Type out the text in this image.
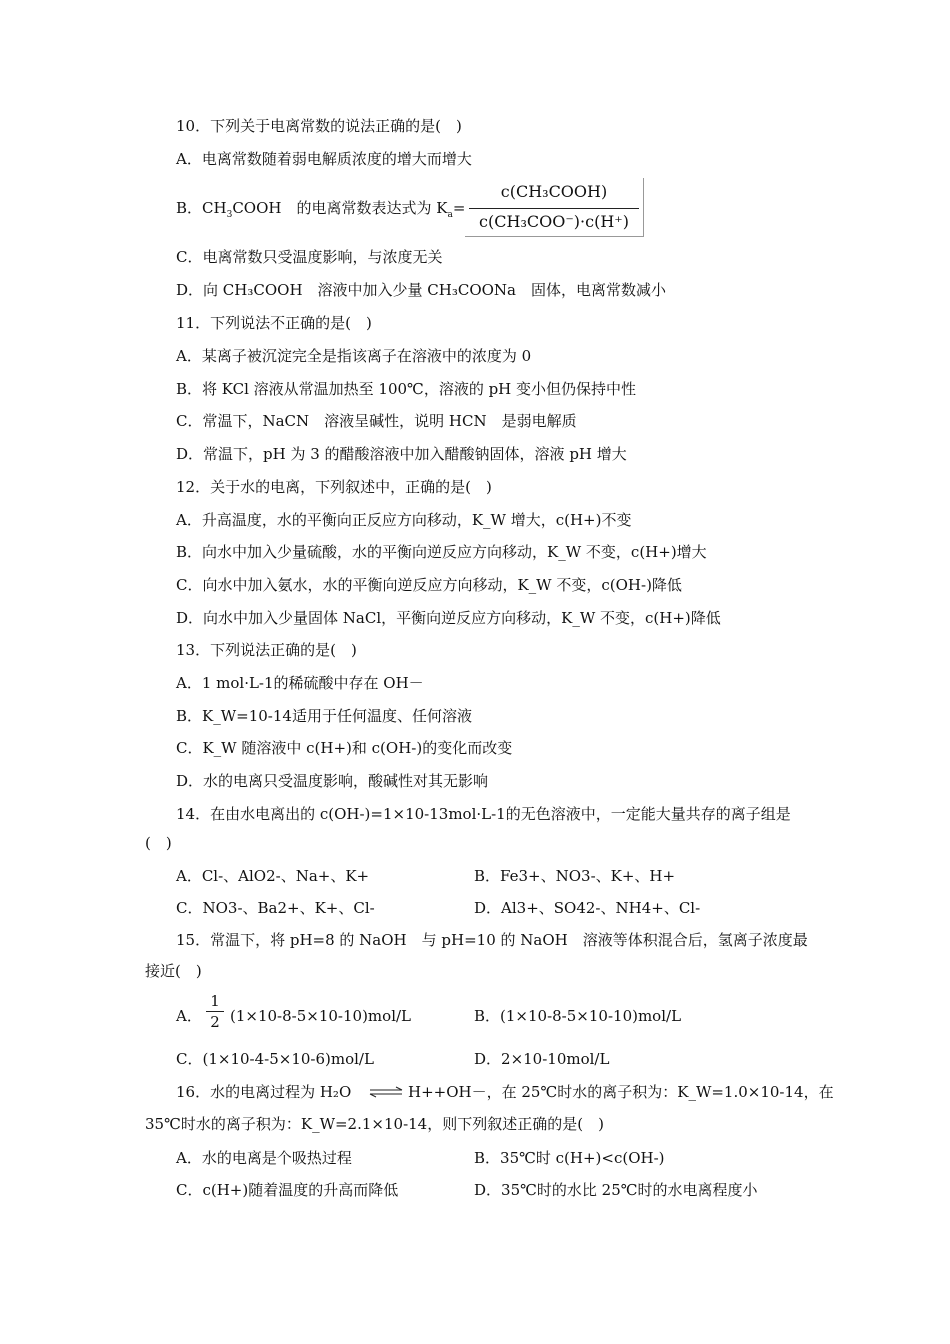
10．下列关于电离常数的说法正确的是(　)
A．电离常数随着弱电解质浓度的增大而增大
B．$CH_3COOH$　的电离常数表达式为 $K_a=$
c(CH₃COOH)
c(CH₃COO⁻)·c(H⁺)
C．电离常数只受温度影响，与浓度无关
D．向 CH₃COOH　溶液中加入少量 CH₃COONa　固体，电离常数减小
11．下列说法不正确的是(　)
A．某离子被沉淀完全是指该离子在溶液中的浓度为 0
B．将 KCl 溶液从常温加热至 100℃，溶液的 pH 变小但仍保持中性
C．常温下，NaCN　溶液呈碱性，说明 HCN　是弱电解质
D．常温下，pH 为 3 的醋酸溶液中加入醋酸钠固体，溶液 pH 增大
12．关于水的电离，下列叙述中，正确的是(　)
A．升高温度，水的平衡向正反应方向移动，K_W 增大，c(H+)不变
B．向水中加入少量硫酸，水的平衡向逆反应方向移动，K_W 不变，c(H+)增大
C．向水中加入氨水，水的平衡向逆反应方向移动，K_W 不变，c(OH-)降低
D．向水中加入少量固体 NaCl，平衡向逆反应方向移动，K_W 不变，c(H+)降低
13．下列说法正确的是(　)
A．1 mol·L-1的稀硫酸中存在 OH－
B．K_W=10-14适用于任何温度、任何溶液
C．K_W 随溶液中 c(H+)和 c(OH-)的变化而改变
D．水的电离只受温度影响，酸碱性对其无影响
14．在由水电离出的 c(OH-)=1×10-13mol·L-1的无色溶液中，一定能大量共存的离子组是
(　)
A．Cl-、AlO2-、Na+、K+	B．Fe3+、NO3-、K+、H+
C．NO3-、Ba2+、K+、Cl-	D．Al3+、SO42-、NH4+、Cl-
15．常温下，将 pH=8 的 NaOH　与 pH=10 的 NaOH　溶液等体积混合后，氢离子浓度最
接近(　)
A．
1
2 (1×10-8-5×10-10)mol/L	B．(1×10-8-5×10-10)mol/L
C．(1×10-4-5×10-6)mol/L	D．2×10-10mol/L
16．水的电离过程为 H₂O ⇌ H++OH－，在 25℃时水的离子积为：K_W=1.0×10-14，在
35℃时水的离子积为：K_W=2.1×10-14，则下列叙述正确的是(　)
A．水的电离是个吸热过程	B．35℃时 c(H+)<c(OH-)
C．c(H+)随着温度的升高而降低	D．35℃时的水比 25℃时的水电离程度小
